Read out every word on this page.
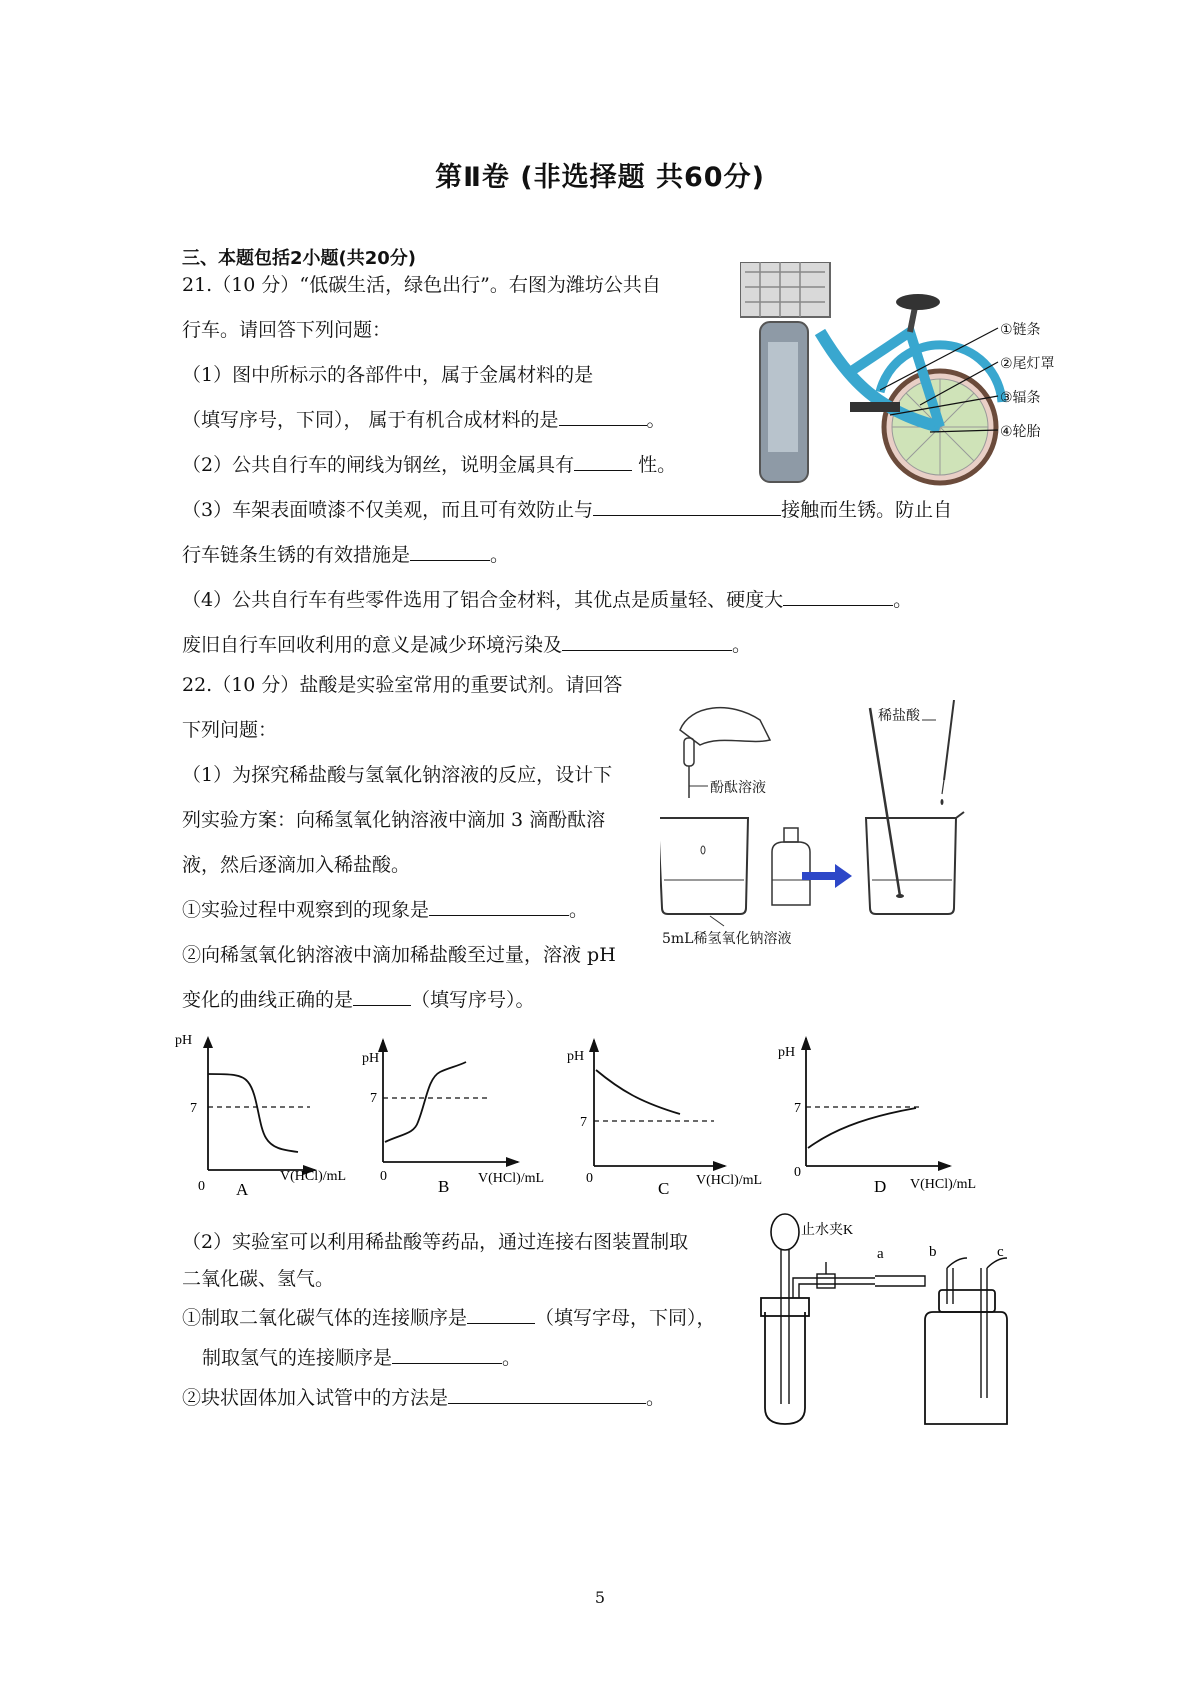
第Ⅱ卷 (非选择题 共60分)
三、本题包括2小题(共20分)
21.（10 分）“低碳生活，绿色出行”。右图为潍坊公共自
行车。请回答下列问题：
（1）图中所标示的各部件中，属于金属材料的是
（填写序号，下同）， 属于有机合成材料的是	。
（2）公共自行车的闸线为钢丝，说明金属具有	性。
（3）车架表面喷漆不仅美观，而且可有效防止与	接触而生锈。防止自
行车链条生锈的有效措施是	。
（4）公共自行车有些零件选用了铝合金材料，其优点是质量轻、硬度大	。
废旧自行车回收利用的意义是减少环境污染及	。
①链条
②尾灯罩
③辐条
④轮胎
22.（10 分）盐酸是实验室常用的重要试剂。请回答
下列问题：
（1）为探究稀盐酸与氢氧化钠溶液的反应，设计下
列实验方案：向稀氢氧化钠溶液中滴加 3 滴酚酞溶
液，然后逐滴加入稀盐酸。
①实验过程中观察到的现象是	。
②向稀氢氧化钠溶液中滴加稀盐酸至过量，溶液 pH
变化的曲线正确的是	（填写序号）。
稀盐酸
酚酞溶液
5mL稀氢氧化钠溶液
pH
7
0
V(HCl)/mL
A
pH
7
0	V(HCl)/mL
B
pH
7
0	V(HCl)/mL
C
pH
7
0
V(HCl)/mL
D
（2）实验室可以利用稀盐酸等药品，通过连接右图装置制取
二氧化碳、氢气。
①制取二氧化碳气体的连接顺序是	（填写字母，下同），
制取氢气的连接顺序是	。
②块状固体加入试管中的方法是	。
止水夹K
a	b	c
5
